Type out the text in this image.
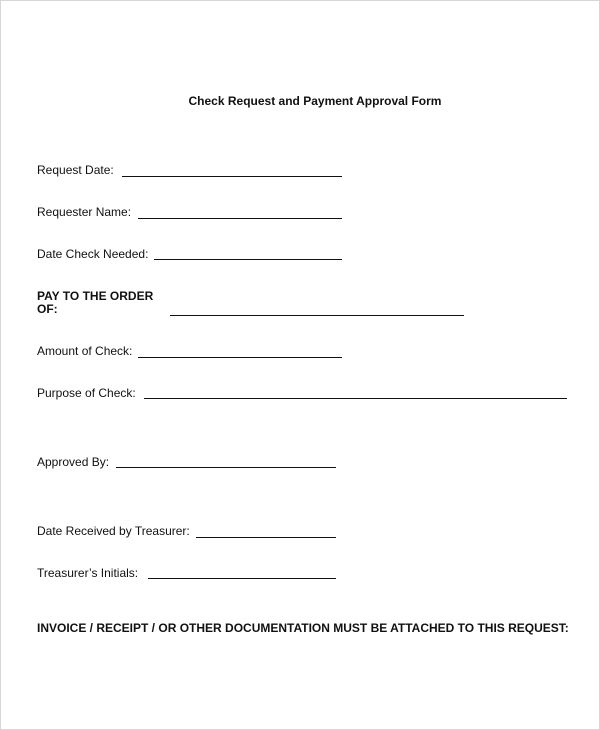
Check Request and Payment Approval Form
Request Date:
Requester Name:
Date Check Needed:
PAY TO THE ORDER
OF:
Amount of Check:
Purpose of Check:
Approved By:
Date Received by Treasurer:
Treasurer’s Initials:
INVOICE / RECEIPT / OR OTHER DOCUMENTATION MUST BE ATTACHED TO THIS REQUEST:
